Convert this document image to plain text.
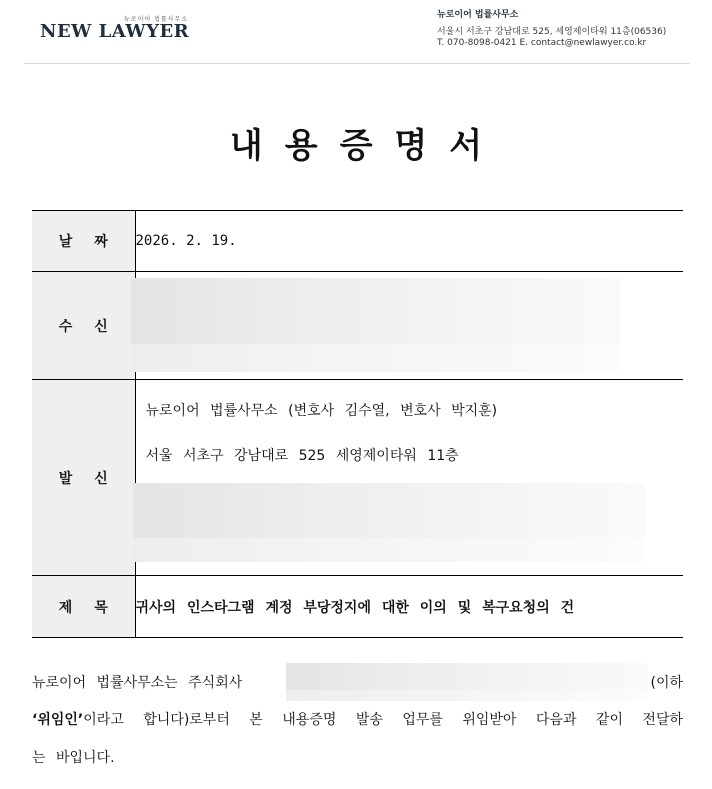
뉴로이어 법률사무소
NEW LAWYER
뉴로이어 법률사무소
서울시 서초구 강남대로 525, 세영제이타워 11층(06536)
T. 070-8098-0421 E. contact@newlawyer.co.kr
내용증명서
날짜	2026. 2. 19.
수신	

발신	뉴로이어 법률사무소 (변호사 김수열, 변호사 박지훈)
서울 서초구 강남대로 525 세영제이타워 11층

제목	귀사의 인스타그램 계정 부당정지에 대한 이의 및 복구요청의 건
뉴로이어 법률사무소는 주식회사	(이하
‘위임인’이라고 합니다)로부터 본 내용증명 발송 업무를 위임받아 다음과 같이 전달하
는 바입니다.
